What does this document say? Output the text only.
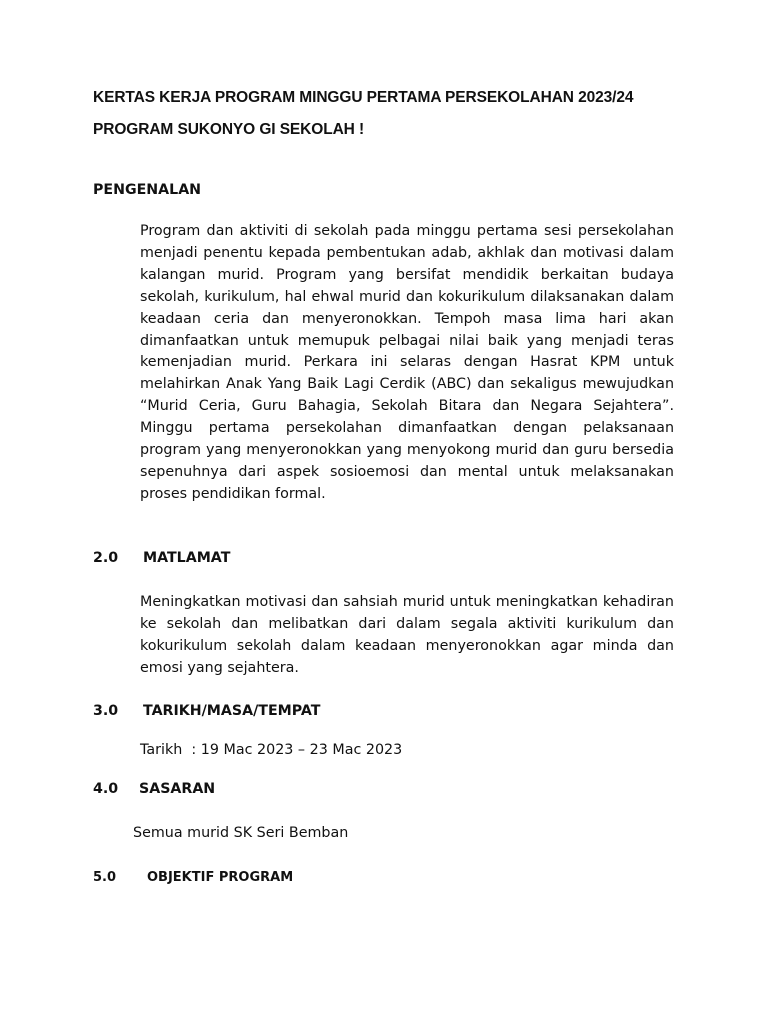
KERTAS KERJA PROGRAM MINGGU PERTAMA PERSEKOLAHAN 2023/24
PROGRAM SUKONYO GI SEKOLAH !
PENGENALAN

Program dan aktiviti di sekolah pada minggu pertama sesi persekolahan menjadi penentu kepada pembentukan adab, akhlak dan motivasi dalam kalangan murid. Program yang bersifat mendidik berkaitan budaya sekolah, kurikulum, hal ehwal murid dan kokurikulum dilaksanakan dalam keadaan ceria dan menyeronokkan. Tempoh masa lima hari akan dimanfaatkan untuk memupuk pelbagai nilai baik yang menjadi teras kemenjadian murid. Perkara ini selaras dengan Hasrat KPM untuk melahirkan Anak Yang Baik Lagi Cerdik (ABC) dan sekaligus mewujudkan “Murid Ceria, Guru Bahagia, Sekolah Bitara dan Negara Sejahtera”. Minggu pertama persekolahan dimanfaatkan dengan pelaksanaan program yang menyeronokkan yang menyokong murid dan guru bersedia sepenuhnya dari aspek sosioemosi dan mental untuk melaksanakan proses pendidikan formal.

2.0 MATLAMAT

Meningkatkan motivasi dan sahsiah murid untuk meningkatkan kehadiran ke sekolah dan melibatkan dari dalam segala aktiviti kurikulum dan kokurikulum sekolah dalam keadaan menyeronokkan agar minda dan emosi yang sejahtera.

3.0 TARIKH/MASA/TEMPAT
Tarikh  : 19 Mac 2023 – 23 Mac 2023
4.0 SASARAN
Semua murid SK Seri Bemban
5.0 OBJEKTIF PROGRAM
